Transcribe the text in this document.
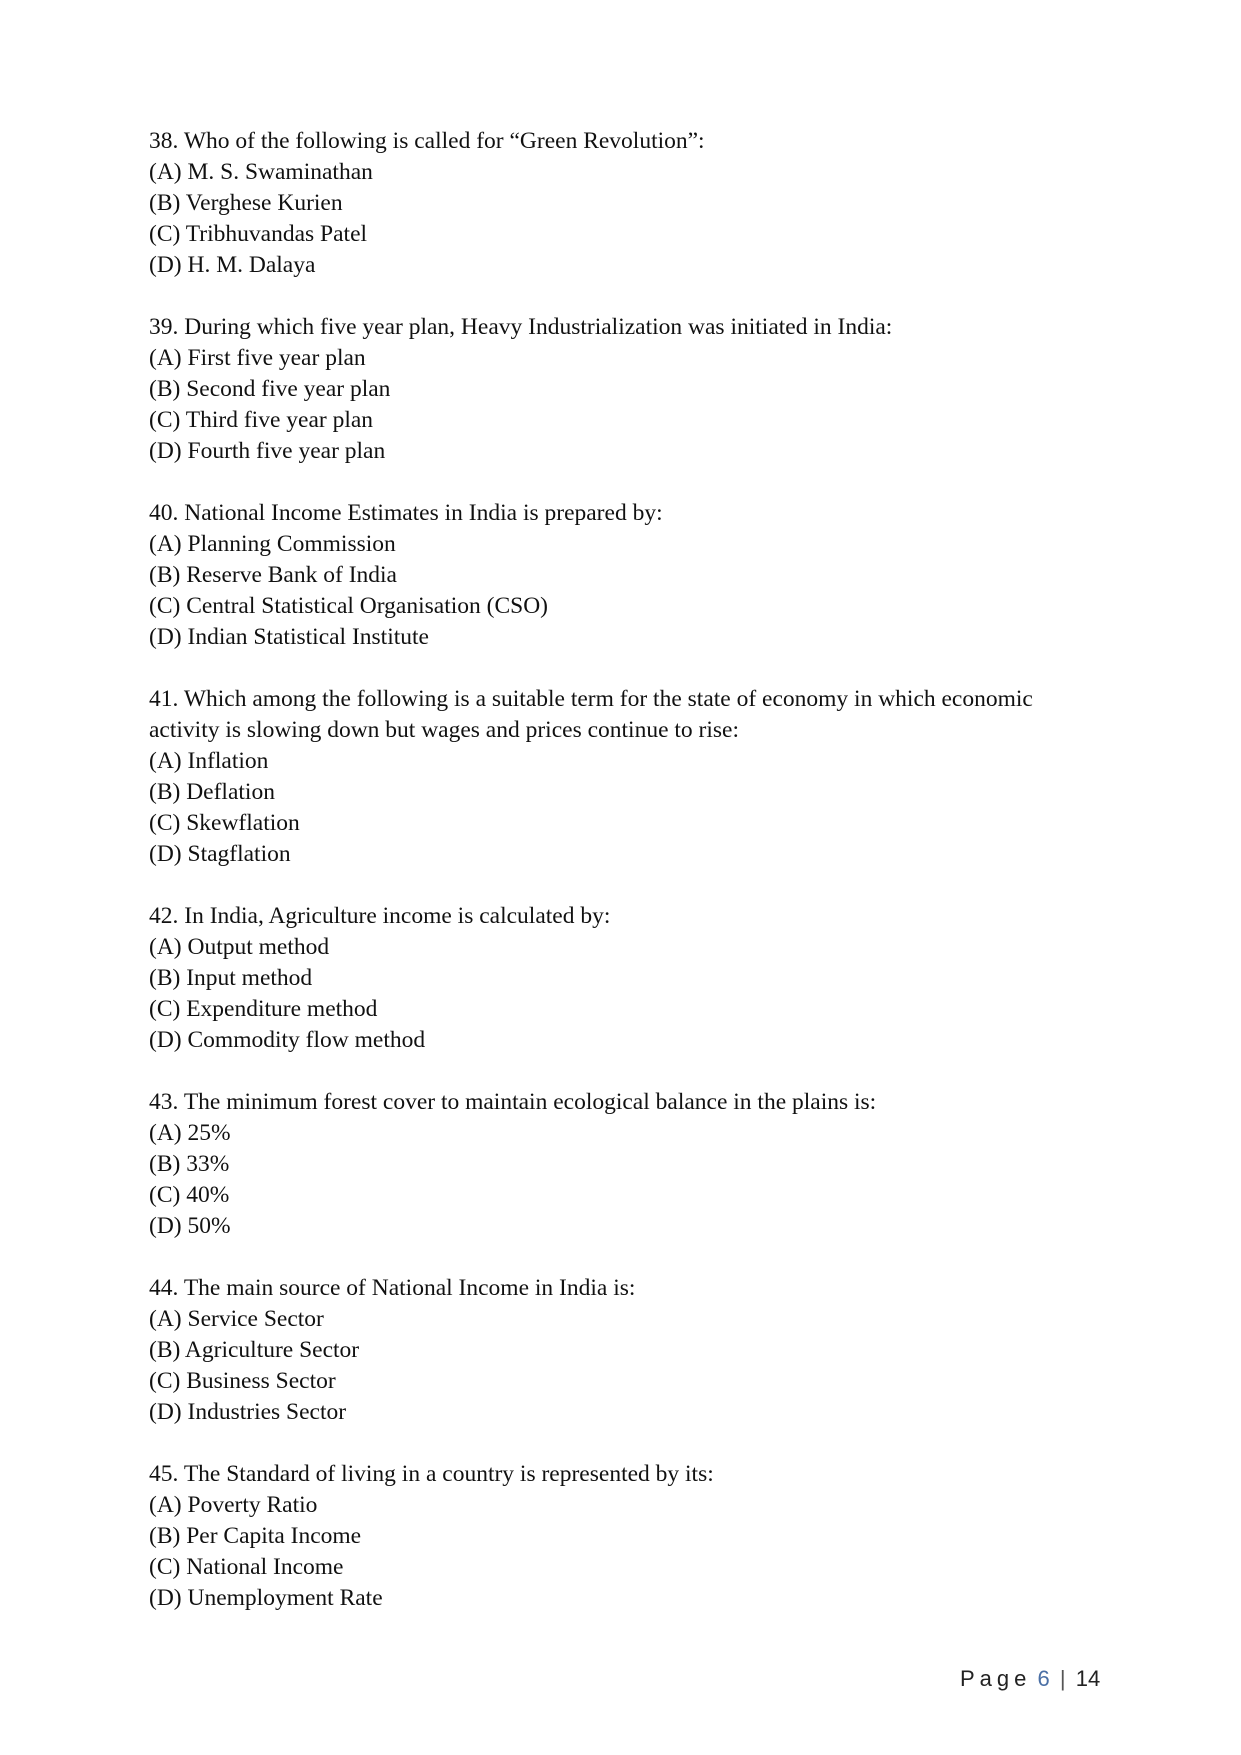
38. Who of the following is called for “Green Revolution”:
(A) M. S. Swaminathan
(B) Verghese Kurien
(C) Tribhuvandas Patel
(D) H. M. Dalaya
39. During which five year plan, Heavy Industrialization was initiated in India:
(A) First five year plan
(B) Second five year plan
(C) Third five year plan
(D) Fourth five year plan
40. National Income Estimates in India is prepared by:
(A) Planning Commission
(B) Reserve Bank of India
(C) Central Statistical Organisation (CSO)
(D) Indian Statistical Institute
41. Which among the following is a suitable term for the state of economy in which economic activity is slowing down but wages and prices continue to rise:
(A) Inflation
(B) Deflation
(C) Skewflation
(D) Stagflation
42. In India, Agriculture income is calculated by:
(A) Output method
(B) Input method
(C) Expenditure method
(D) Commodity flow method
43. The minimum forest cover to maintain ecological balance in the plains is:
(A) 25%
(B) 33%
(C) 40%
(D) 50%
44. The main source of National Income in India is:
(A) Service Sector
(B) Agriculture Sector
(C) Business Sector
(D) Industries Sector
45. The Standard of living in a country is represented by its:
(A) Poverty Ratio
(B) Per Capita Income
(C) National Income
(D) Unemployment Rate
Page 6 | 14
